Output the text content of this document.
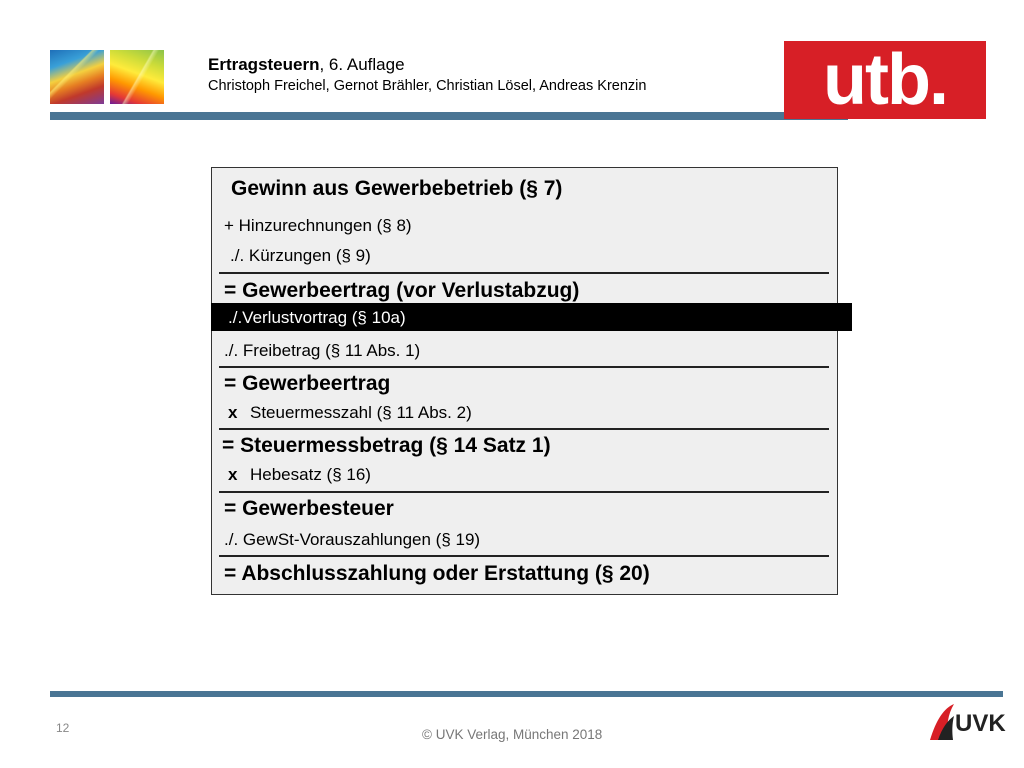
Ertragsteuern, 6. Auflage
Christoph Freichel, Gernot Brähler, Christian Lösel, Andreas Krenzin	utb.
Gewinn aus Gewerbebetrieb (§ 7)
+ Hinzurechnungen (§ 8)
./. Kürzungen (§ 9)
= Gewerbeertrag (vor Verlustabzug)
./.Verlustvortrag (§ 10a)
./. Freibetrag (§ 11 Abs. 1)
= Gewerbeertrag
x Steuermesszahl (§ 11 Abs. 2)
= Steuermessbetrag (§ 14 Satz 1)
x Hebesatz (§ 16)
= Gewerbesteuer
./. GewSt-Vorauszahlungen (§ 19)
= Abschlusszahlung oder Erstattung (§ 20)
12	© UVK Verlag, München 2018	UVK
